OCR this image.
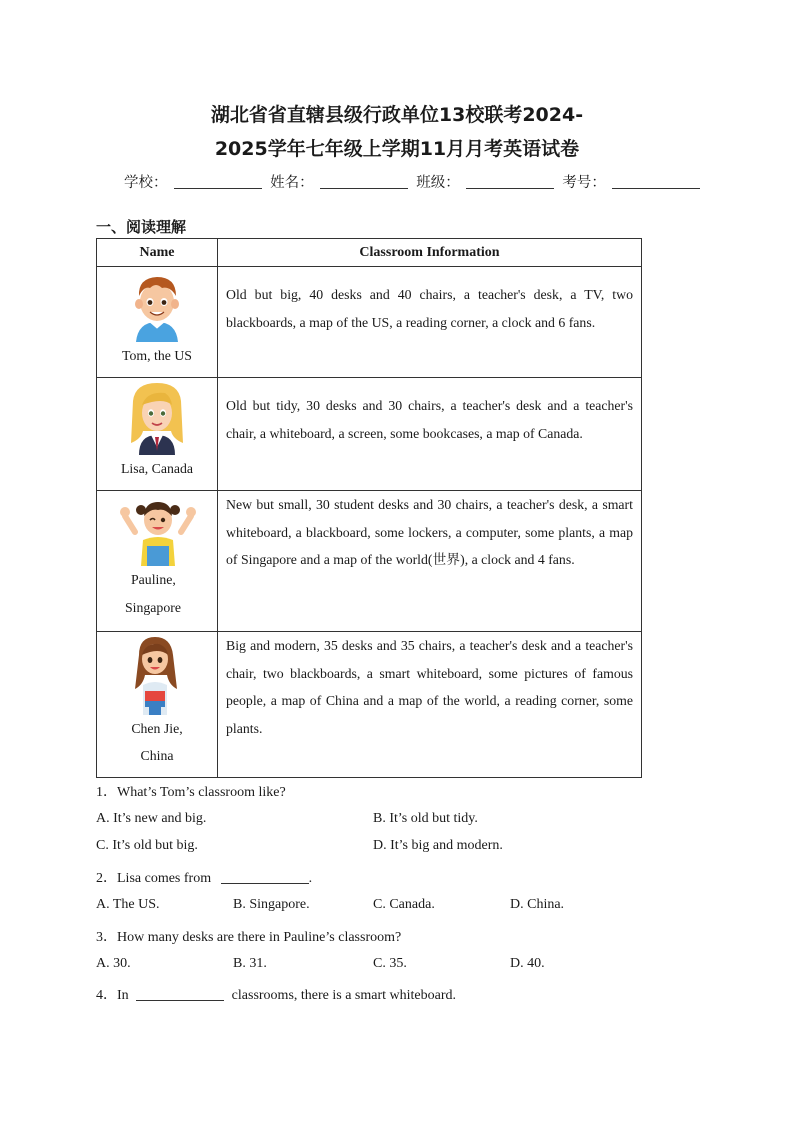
湖北省省直辖县级行政单位13校联考2024-
2025学年七年级上学期11月月考英语试卷
学校：	姓名：	班级：	考号：
一、阅读理解
Name	Classroom Information

Tom, the US	Old but big, 40 desks and 40 chairs, a teacher's desk, a TV, two blackboards, a map of the US, a reading corner, a clock and 6 fans.

Lisa, Canada	Old but tidy, 30 desks and 30 chairs, a teacher's desk and a teacher's chair, a whiteboard, a screen, some bookcases, a map of Canada.

Pauline,
Singapore	New but small, 30 student desks and 30 chairs, a teacher's desk, a smart whiteboard, a blackboard, some lockers, a computer, some plants, a map of Singapore and a map of the world(世界), a clock and 4 fans.

Chen Jie,
China	Big and modern, 35 desks and 35 chairs, a teacher's desk and a teacher's chair, two blackboards, a smart whiteboard, some pictures of famous people, a map of China and a map of the world, a reading corner, some plants.
1．What’s Tom’s classroom like?
A. It’s new and big.	B. It’s old but tidy.
C. It’s old but big.	D. It’s big and modern.
2．Lisa comes from	.
A. The US.	B. Singapore.	C. Canada.	D. China.
3．How many desks are there in Pauline’s classroom?
A. 30.	B. 31.	C. 35.	D. 40.
4．In	classrooms, there is a smart whiteboard.
